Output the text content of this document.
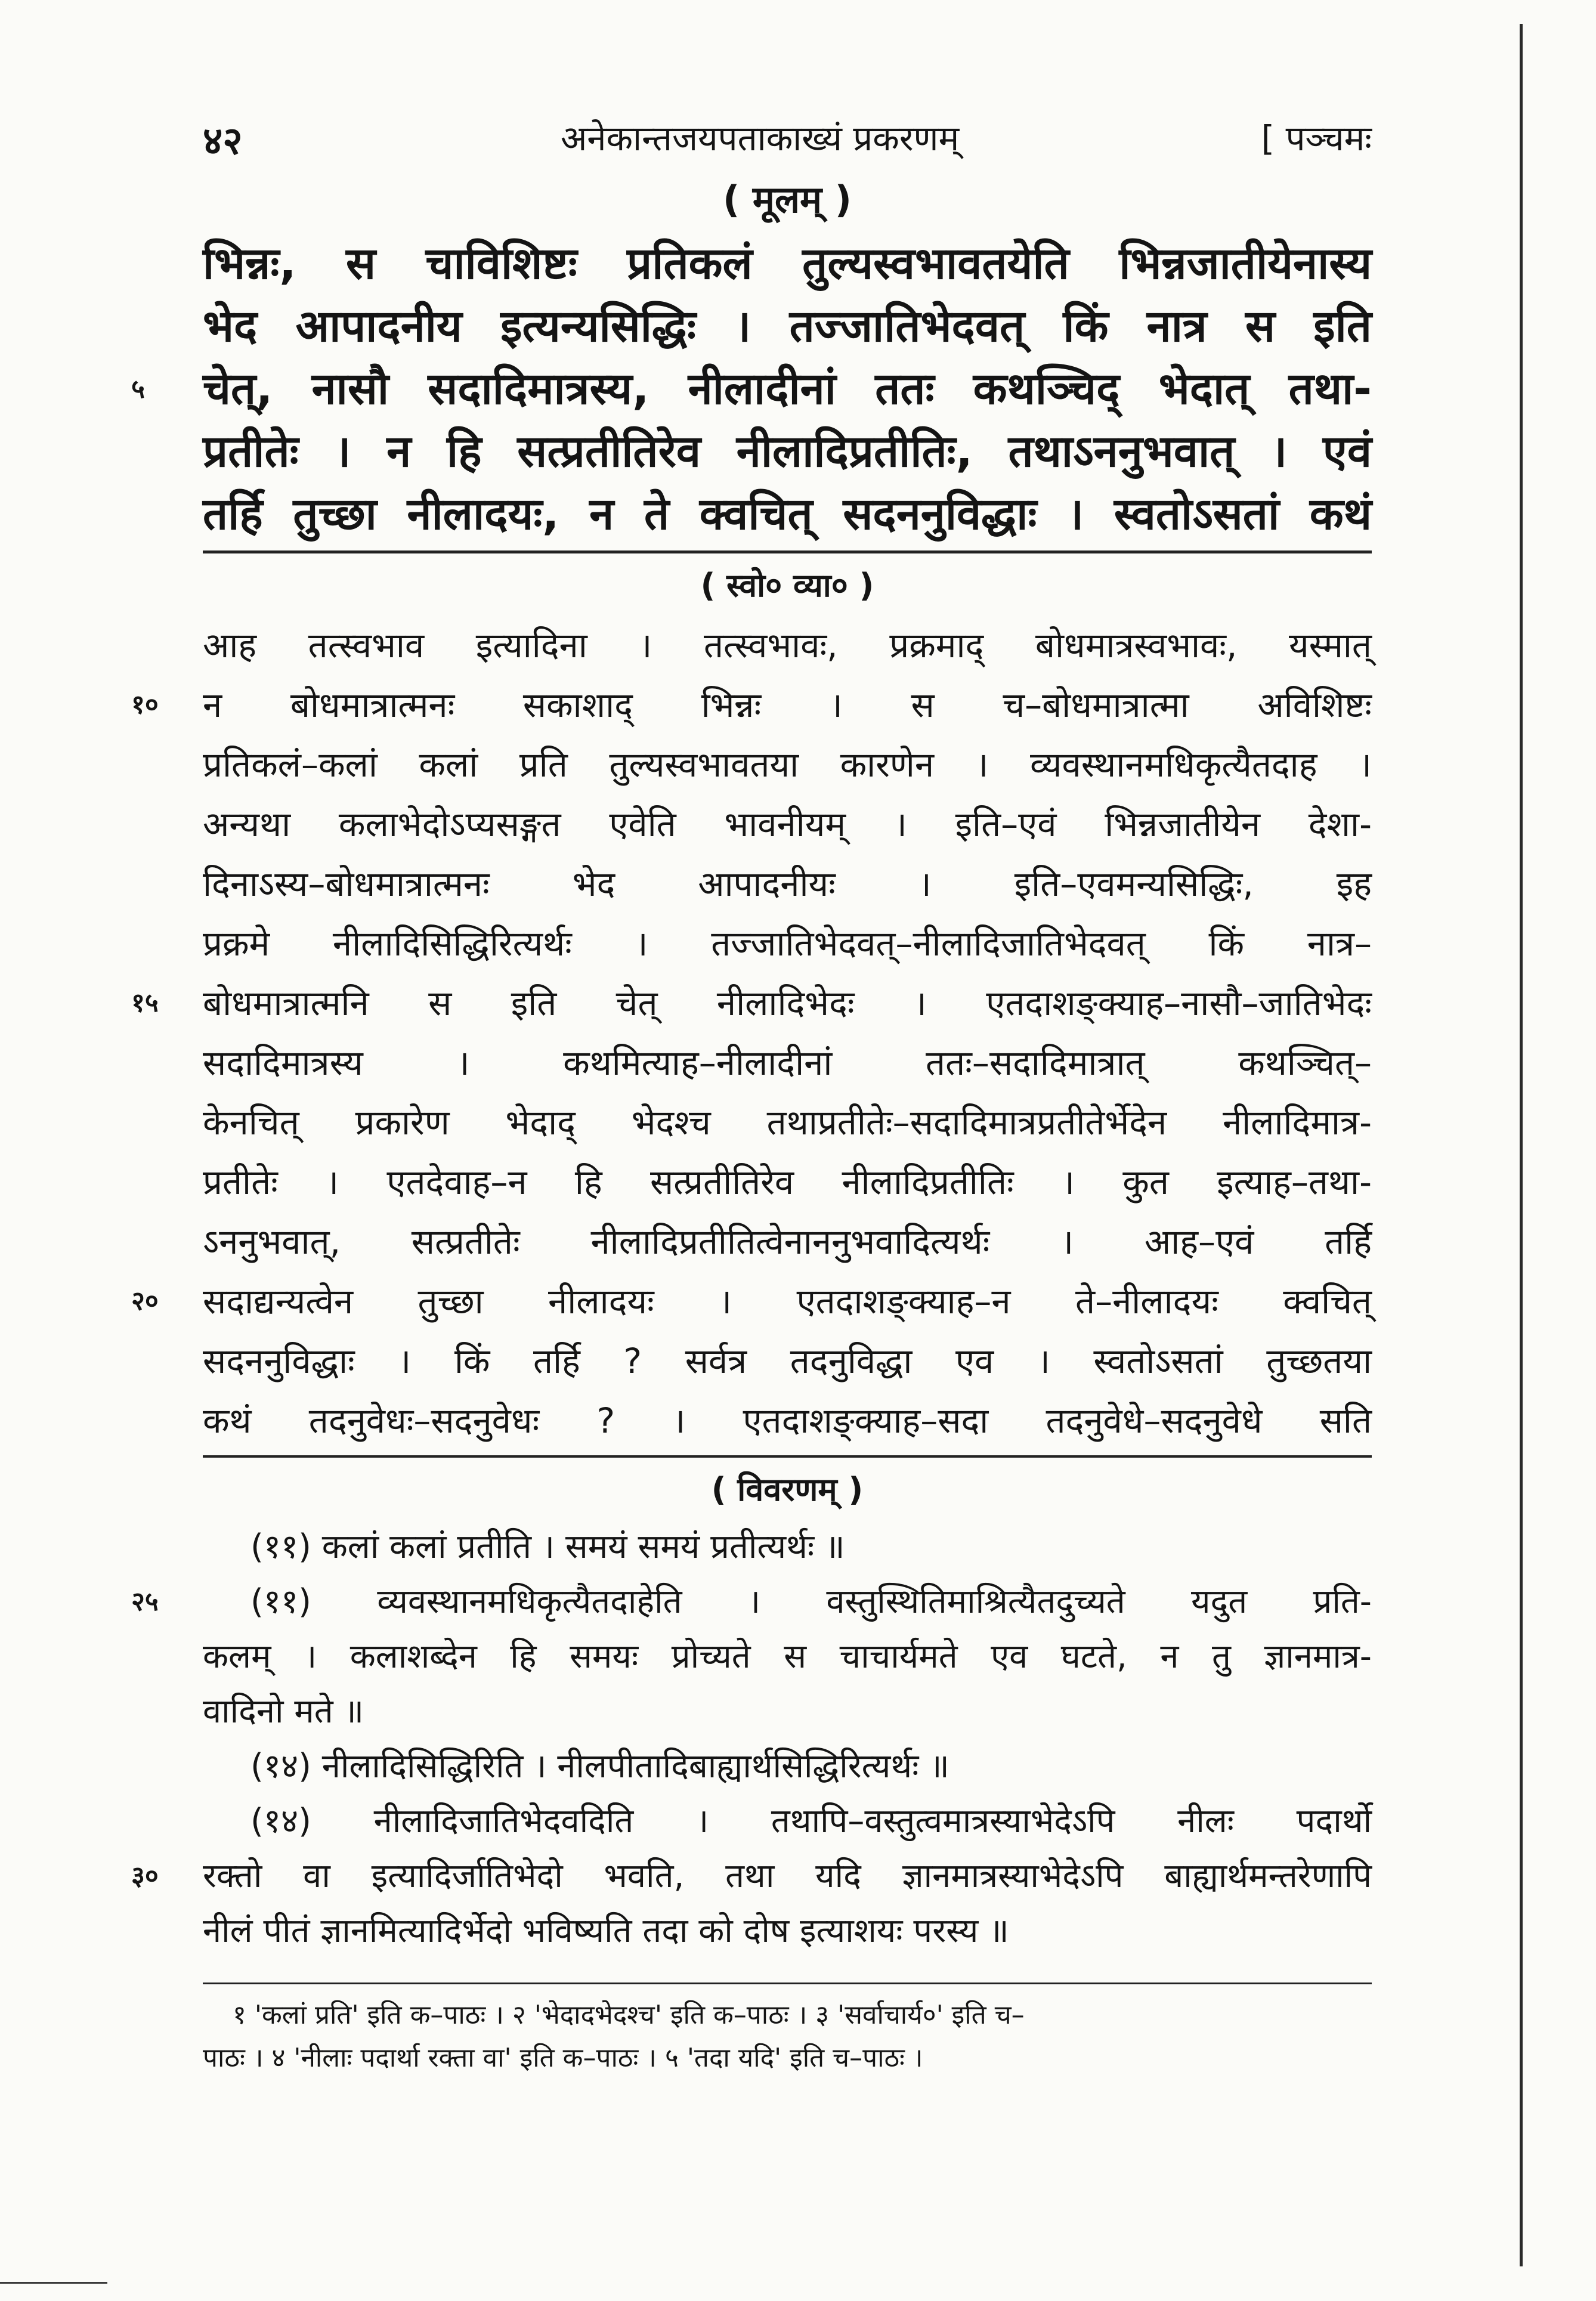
४२	अनेकान्तजयपताकाख्यं प्रकरणम्	[ पञ्चमः
( मूलम् )

भिन्नः, स चाविशिष्टः प्रतिकलं तुल्यस्वभावतयेति भिन्नजातीयेनास्य

भेद आपादनीय इत्यन्यसिद्धिः । तज्जातिभेदवत् किं नात्र स इति

५ चेत्, नासौ सदादिमात्रस्य, नीलादीनां ततः कथञ्चिद् भेदात् तथा-

प्रतीतेः । न हि सत्प्रतीतिरेव नीलादिप्रतीतिः, तथाऽननुभवात् । एवं

तर्हि तुच्छा नीलादयः, न ते क्वचित् सदननुविद्धाः । स्वतोऽसतां कथं

( स्वो० व्या० )

आह तत्स्वभाव इत्यादिना । तत्स्वभावः, प्रक्रमाद् बोधमात्रस्वभावः, यस्मात्

१० न बोधमात्रात्मनः सकाशाद् भिन्नः । स च–बोधमात्रात्मा अविशिष्टः

प्रतिकलं–कलां कलां प्रति तुल्यस्वभावतया कारणेन । व्यवस्थानमधिकृत्यैतदाह ।

अन्यथा कलाभेदोऽप्यसङ्गत एवेति भावनीयम् । इति–एवं भिन्नजातीयेन देशा-

दिनाऽस्य–बोधमात्रात्मनः भेद आपादनीयः । इति–एवमन्यसिद्धिः, इह

प्रक्रमे नीलादिसिद्धिरित्यर्थः । तज्जातिभेदवत्–नीलादिजातिभेदवत् किं नात्र–

१५ बोधमात्रात्मनि स इति चेत् नीलादिभेदः । एतदाशङ्क्याह–नासौ–जातिभेदः

सदादिमात्रस्य । कथमित्याह–नीलादीनां ततः–सदादिमात्रात् कथञ्चित्–

केनचित् प्रकारेण भेदाद् भेदश्च तथाप्रतीतेः–सदादिमात्रप्रतीतेर्भेदेन नीलादिमात्र-

प्रतीतेः । एतदेवाह–न हि सत्प्रतीतिरेव नीलादिप्रतीतिः । कुत इत्याह–तथा-

ऽननुभवात्, सत्प्रतीतेः नीलादिप्रतीतित्वेनाननुभवादित्यर्थः । आह–एवं तर्हि

२० सदाद्यन्यत्वेन तुच्छा नीलादयः । एतदाशङ्क्याह–न ते–नीलादयः क्वचित्

सदननुविद्धाः । किं तर्हि ? सर्वत्र तदनुविद्धा एव । स्वतोऽसतां तुच्छतया

कथं तदनुवेधः–सदनुवेधः ? । एतदाशङ्क्याह–सदा तदनुवेधे–सदनुवेधे सति

( विवरणम् )

(११) कलां कलां प्रतीति । समयं समयं प्रतीत्यर्थः ॥

२५	(११) व्यवस्थानमधिकृत्यैतदाहेति । वस्तुस्थितिमाश्रित्यैतदुच्यते यदुत प्रति-

कलम् । कलाशब्देन हि समयः प्रोच्यते स चाचार्यमते एव घटते, न तु ज्ञानमात्र-

वादिनो मते ॥

(१४) नीलादिसिद्धिरिति । नीलपीतादिबाह्यार्थसिद्धिरित्यर्थः ॥

(१४) नीलादिजातिभेदवदिति । तथापि–वस्तुत्वमात्रस्याभेदेऽपि नीलः पदार्थो

३० रक्तो वा इत्यादिर्जातिभेदो भवति, तथा यदि ज्ञानमात्रस्याभेदेऽपि बाह्यार्थमन्तरेणापि

नीलं पीतं ज्ञानमित्यादिर्भेदो भविष्यति तदा को दोष इत्याशयः परस्य ॥

१ 'कलां प्रति' इति क–पाठः । २ 'भेदादभेदश्च' इति क–पाठः । ३ 'सर्वाचार्य०' इति च–

पाठः । ४ 'नीलाः पदार्था रक्ता वा' इति क–पाठः । ५ 'तदा यदि' इति च–पाठः ।
